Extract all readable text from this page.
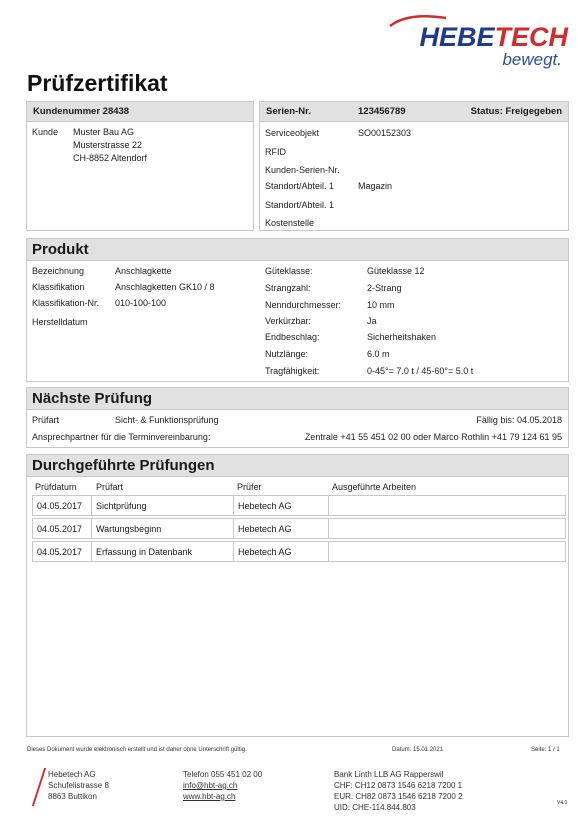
HEBETECH
bewegt.
Prüfzertifikat
Kundenummer 28438
Kunde Muster Bau AG
Musterstrasse 22
CH-8852 Altendorf
Serien-Nr.	123456789	Status: Freigegeben
Serviceobjekt	SO00152303
RFID
Kunden-Serien-Nr.
Standort/Abteil. 1	Magazin
Standort/Abteil. 1
Kostenstelle
Produkt
Bezeichnung	Anschlagkette
Klassifikation	Anschlagketten GK10 / 8
Klassifikation-Nr. 010-100-100
Herstelldatum
Güteklasse:	Güteklasse 12
Strangzahl:	2-Strang
Nenndurchmesser:	10 mm
Verkürzbar:	Ja
Endbeschlag:	Sicherheitshaken
Nutzlänge:	6.0 m
Tragfähigkeit:	0-45°= 7.0 t / 45-60°= 5.0 t
Nächste Prüfung
Prüfart	Sicht- & Funktionsprüfung	Fällig bis: 04.05.2018
Ansprechpartner für die Terminvereinbarung:	Zentrale +41 55 451 02 00 oder Marco Rothlin +41 79 124 61 95
Durchgeführte Prüfungen
Prüfdatum Prüfart	Prüfer	Ausgeführte Arbeiten
04.05.2017	Sichtprüfung	Hebetech AG	

04.05.2017	Wartungsbeginn	Hebetech AG	

04.05.2017	Erfassung in Datenbank	Hebetech AG	
Dieses Dokument wurde elektronisch erstellt und ist daher ohne Unterschrift gültig.	Datum: 15.01.2021	Seite: 1 / 1
Hebetech AG
Schufelistrasse 8
8863 Buttikon
Telefon 055 451 02 00
info@hbt-ag.ch
www.hbt-ag.ch
Bank Linth LLB AG Rapperswil
CHF: CH12 0873 1546 6218 7200 1
EUR: CH82 0873 1546 6218 7200 2
UID: CHE-114.844.803	V4.0
